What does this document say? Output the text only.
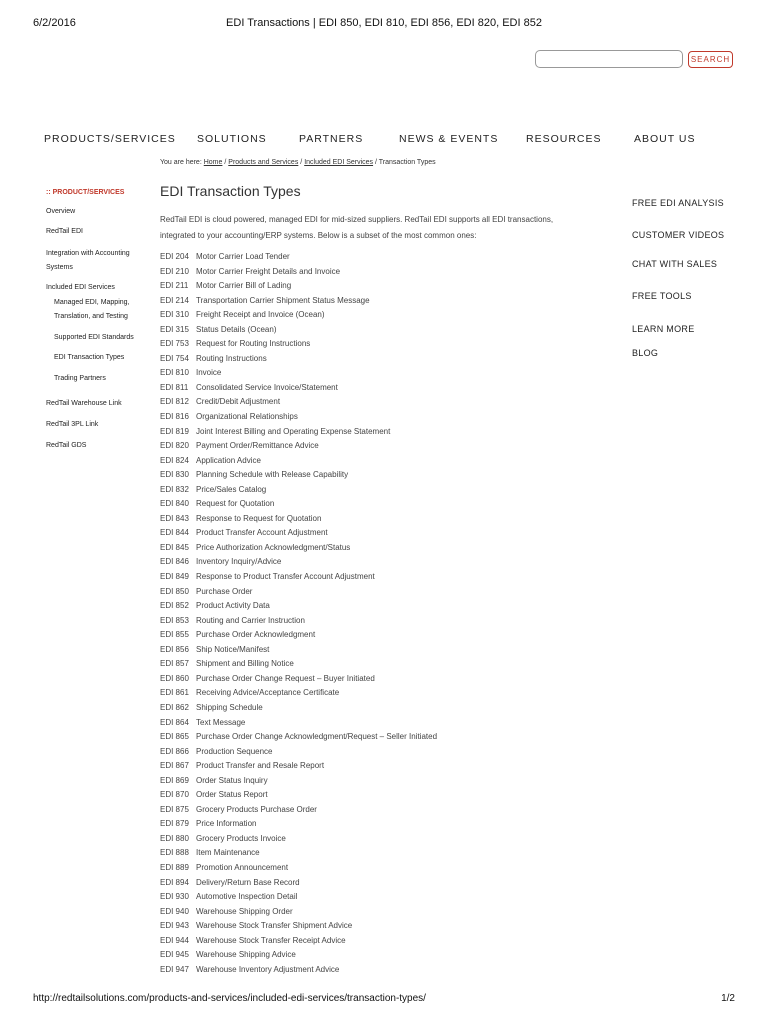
6/2/2016	EDI Transactions | EDI 850, EDI 810, EDI 856, EDI 820, EDI 852
SEARCH
PRODUCTS/SERVICES SOLUTIONS	PARTNERS	NEWS & EVENTS	RESOURCES	ABOUT US
You are here: Home / Products and Services / Included EDI Services / Transaction Types
:: PRODUCT/SERVICES
Overview
RedTail EDI
Integration with Accounting
Systems
Included EDI Services
Managed EDI, Mapping,
Translation, and Testing
Supported EDI Standards
EDI Transaction Types
Trading Partners
RedTail Warehouse Link
RedTail 3PL Link
RedTail GDS
EDI Transaction Types

RedTail EDI is cloud powered, managed EDI for mid-sized suppliers. RedTail EDI supports all EDI transactions, integrated to your accounting/ERP systems. Below is a subset of the most common ones:

EDI 204 Motor Carrier Load Tender
EDI 210 Motor Carrier Freight Details and Invoice
EDI 211 Motor Carrier Bill of Lading
EDI 214 Transportation Carrier Shipment Status Message
EDI 310 Freight Receipt and Invoice (Ocean)
EDI 315 Status Details (Ocean)
EDI 753 Request for Routing Instructions
EDI 754 Routing Instructions
EDI 810 Invoice
EDI 811 Consolidated Service Invoice/Statement
EDI 812 Credit/Debit Adjustment
EDI 816 Organizational Relationships
EDI 819 Joint Interest Billing and Operating Expense Statement
EDI 820 Payment Order/Remittance Advice
EDI 824 Application Advice
EDI 830 Planning Schedule with Release Capability
EDI 832 Price/Sales Catalog
EDI 840 Request for Quotation
EDI 843 Response to Request for Quotation
EDI 844 Product Transfer Account Adjustment
EDI 845 Price Authorization Acknowledgment/Status
EDI 846 Inventory Inquiry/Advice
EDI 849 Response to Product Transfer Account Adjustment
EDI 850 Purchase Order
EDI 852 Product Activity Data
EDI 853 Routing and Carrier Instruction
EDI 855 Purchase Order Acknowledgment
EDI 856 Ship Notice/Manifest
EDI 857 Shipment and Billing Notice
EDI 860 Purchase Order Change Request – Buyer Initiated
EDI 861 Receiving Advice/Acceptance Certificate
EDI 862 Shipping Schedule
EDI 864 Text Message
EDI 865 Purchase Order Change Acknowledgment/Request – Seller Initiated
EDI 866 Production Sequence
EDI 867 Product Transfer and Resale Report
EDI 869 Order Status Inquiry
EDI 870 Order Status Report
EDI 875 Grocery Products Purchase Order
EDI 879 Price Information
EDI 880 Grocery Products Invoice
EDI 888 Item Maintenance
EDI 889 Promotion Announcement
EDI 894 Delivery/Return Base Record
EDI 930 Automotive Inspection Detail
EDI 940 Warehouse Shipping Order
EDI 943 Warehouse Stock Transfer Shipment Advice
EDI 944 Warehouse Stock Transfer Receipt Advice
EDI 945 Warehouse Shipping Advice
EDI 947 Warehouse Inventory Adjustment Advice
FREE EDI ANALYSIS
CUSTOMER VIDEOS
CHAT WITH SALES
FREE TOOLS
LEARN MORE
BLOG
http://redtailsolutions.com/products-and-services/included-edi-services/transaction-types/	1/2
